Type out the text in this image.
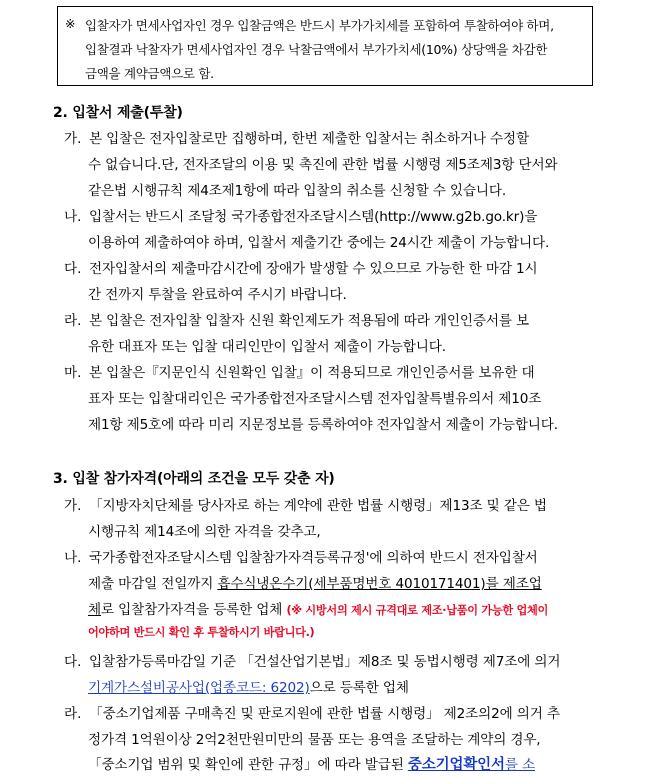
※ 입찰자가 면세사업자인 경우 입찰금액은 반드시 부가가치세를 포함하여 투찰하여야 하며,
입찰결과 낙찰자가 면세사업자인 경우 낙찰금액에서 부가가치세(10%) 상당액을 차감한
금액을 계약금액으로 함.
2. 입찰서 제출(투찰)
가. 본 입찰은 전자입찰로만 집행하며, 한번 제출한 입찰서는 취소하거나 수정할
수 없습니다.단, 전자조달의 이용 및 촉진에 관한 법률 시행령 제5조제3항 단서와
같은법 시행규칙 제4조제1항에 따라 입찰의 취소를 신청할 수 있습니다.
나. 입찰서는 반드시 조달청 국가종합전자조달시스템(http://www.g2b.go.kr)을
이용하여 제출하여야 하며, 입찰서 제출기간 중에는 24시간 제출이 가능합니다.
다. 전자입찰서의 제출마감시간에 장애가 발생할 수 있으므로 가능한 한 마감 1시
간 전까지 투찰을 완료하여 주시기 바랍니다.
라. 본 입찰은 전자입찰 입찰자 신원 확인제도가 적용됨에 따라 개인인증서를 보
유한 대표자 또는 입찰 대리인만이 입찰서 제출이 가능합니다.
마. 본 입찰은『지문인식 신원확인 입찰』이 적용되므로 개인인증서를 보유한 대
표자 또는 입찰대리인은 국가종합전자조달시스템 전자입찰특별유의서 제10조
제1항 제5호에 따라 미리 지문정보를 등록하여야 전자입찰서 제출이 가능합니다.
3. 입찰 참가자격(아래의 조건을 모두 갖춘 자)
가. 「지방자치단체를 당사자로 하는 계약에 관한 법률 시행령」제13조 및 같은 법
시행규칙 제14조에 의한 자격을 갖추고,
나. 국가종합전자조달시스템 입찰참가자격등록규정'에 의하여 반드시 전자입찰서
제출 마감일 전일까지 흡수식냉온수기(세부품명번호 4010171401)를 제조업
체로 입찰참가자격을 등록한 업체 (※ 시방서의 제시 규격대로 제조·납품이 가능한 업체이
어야하며 반드시 확인 후 투찰하시기 바랍니다.)
다. 입찰참가등록마감일 기준 「건설산업기본법」제8조 및 동법시행령 제7조에 의거
기계가스설비공사업(업종코드: 6202)으로 등록한 업체
라. 「중소기업제품 구매촉진 및 판로지원에 관한 법률 시행령」 제2조의2에 의거 추
정가격 1억원이상 2억2천만원미만의 물품 또는 용역을 조달하는 계약의 경우,
「중소기업 범위 및 확인에 관한 규정」에 따라 발급된 중소기업확인서를 소
